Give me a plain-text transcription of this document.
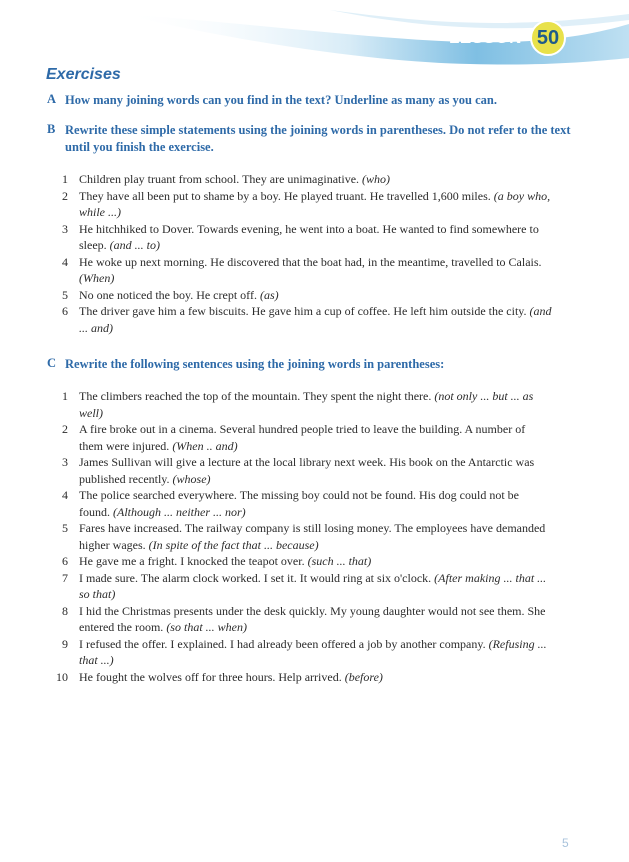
LESSON 50
Exercises
A How many joining words can you find in the text? Underline as many as you can.
B Rewrite these simple statements using the joining words in parentheses. Do not refer to the text until you finish the exercise.
1 Children play truant from school. They are unimaginative. (who)
2 They have all been put to shame by a boy. He played truant. He travelled 1,600 miles. (a boy who, while ...)
3 He hitchhiked to Dover. Towards evening, he went into a boat. He wanted to find somewhere to sleep. (and ... to)
4 He woke up next morning. He discovered that the boat had, in the meantime, travelled to Calais. (When)
5 No one noticed the boy. He crept off. (as)
6 The driver gave him a few biscuits. He gave him a cup of coffee. He left him outside the city. (and ... and)
C Rewrite the following sentences using the joining words in parentheses:
1 The climbers reached the top of the mountain. They spent the night there. (not only ... but ... as well)
2 A fire broke out in a cinema. Several hundred people tried to leave the building. A number of them were injured. (When .. and)
3 James Sullivan will give a lecture at the local library next week. His book on the Antarctic was published recently. (whose)
4 The police searched everywhere. The missing boy could not be found. His dog could not be found. (Although ... neither ... nor)
5 Fares have increased. The railway company is still losing money. The employees have demanded higher wages. (In spite of the fact that ... because)
6 He gave me a fright. I knocked the teapot over. (such ... that)
7 I made sure. The alarm clock worked. I set it. It would ring at six o'clock. (After making ... that ... so that)
8 I hid the Christmas presents under the desk quickly. My young daughter would not see them. She entered the room. (so that ... when)
9 I refused the offer. I explained. I had already been offered a job by another company. (Refusing ... that ...)
10 He fought the wolves off for three hours. Help arrived. (before)
5
